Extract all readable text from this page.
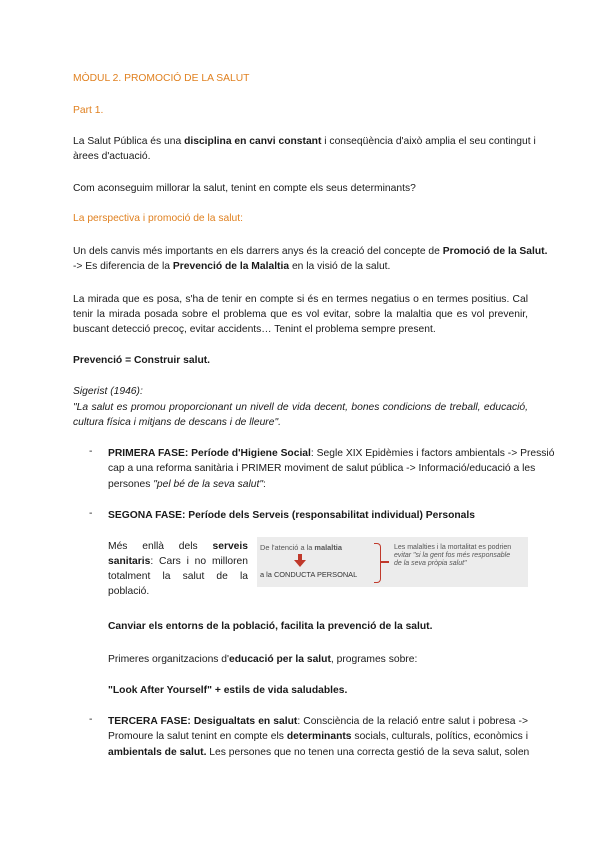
MÒDUL 2. PROMOCIÓ DE LA SALUT
Part 1.
La Salut Pública és una disciplina en canvi constant i conseqüència d'això amplia el seu contingut i
àrees d'actuació.
Com aconseguim millorar la salut, tenint en compte els seus determinants?
La perspectiva i promoció de la salut:
Un dels canvis més importants en els darrers anys és la creació del concepte de Promoció de la Salut.
-> Es diferencia de la Prevenció de la Malaltia en la visió de la salut.
La mirada que es posa, s'ha de tenir en compte si és en termes negatius o en termes positius. Cal
tenir la mirada posada sobre el problema que es vol evitar, sobre la malaltia que es vol prevenir,
buscant detecció precoç, evitar accidents… Tenint el problema sempre present.
Prevenció = Construir salut.
Sigerist (1946):
"La salut es promou proporcionant un nivell de vida decent, bones condicions de treball, educació,
cultura física i mitjans de descans i de lleure".
- PRIMERA FASE: Període d'Higiene Social: Segle XIX Epidèmies i factors ambientals -> Pressió
cap a una reforma sanitària i PRIMER moviment de salut pública -> Informació/educació a les
persones "pel bé de la seva salut":
- SEGONA FASE: Període dels Serveis (responsabilitat individual) Personals
Més enllà dels serveis
sanitaris: Cars i no milloren
totalment la salut de la
població.
De l'atenció a la malaltia
a la CONDUCTA PERSONAL
Les malalties i la mortalitat es podrien
evitar "si la gent fos més responsable
de la seva pròpia salut"
Canviar els entorns de la població, facilita la prevenció de la salut.
Primeres organitzacions d'educació per la salut, programes sobre:
"Look After Yourself" + estils de vida saludables.
- TERCERA FASE: Desigualtats en salut: Consciència de la relació entre salut i pobresa ->
Promoure la salut tenint en compte els determinants socials, culturals, polítics, econòmics i
ambientals de salut. Les persones que no tenen una correcta gestió de la seva salut, solen
